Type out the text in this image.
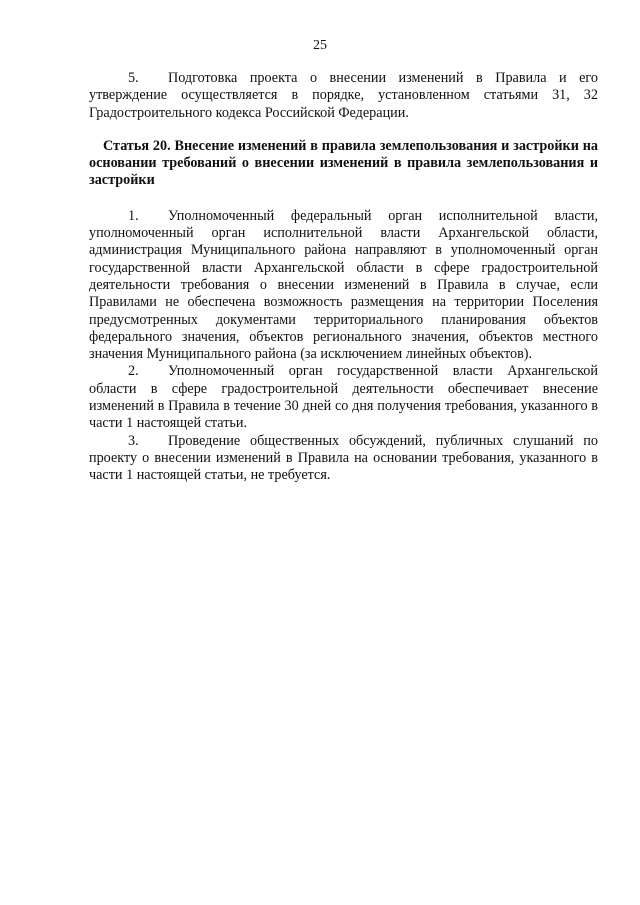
25

5. Подготовка проекта о внесении изменений в Правила и его утверждение осуществляется в порядке, установленном статьями 31, 32 Градостроительного кодекса Российской Федерации.

Статья 20. Внесение изменений в правила землепользования и застройки на основании требований о внесении изменений в правила землепользования и застройки

1. Уполномоченный федеральный орган исполнительной власти, уполномоченный орган исполнительной власти Архангельской области, администрация Муниципального района направляют в уполномоченный орган государственной власти Архангельской области в сфере градостроительной деятельности требования о внесении изменений в Правила в случае, если Правилами не обеспечена возможность размещения на территории Поселения предусмотренных документами территориального планирования объектов федерального значения, объектов регионального значения, объектов местного значения Муниципального района (за исключением линейных объектов).

2. Уполномоченный орган государственной власти Архангельской области в сфере градостроительной деятельности обеспечивает внесение изменений в Правила в течение 30 дней со дня получения требования, указанного в части 1 настоящей статьи.

3. Проведение общественных обсуждений, публичных слушаний по проекту о внесении изменений в Правила на основании требования, указанного в части 1 настоящей статьи, не требуется.
